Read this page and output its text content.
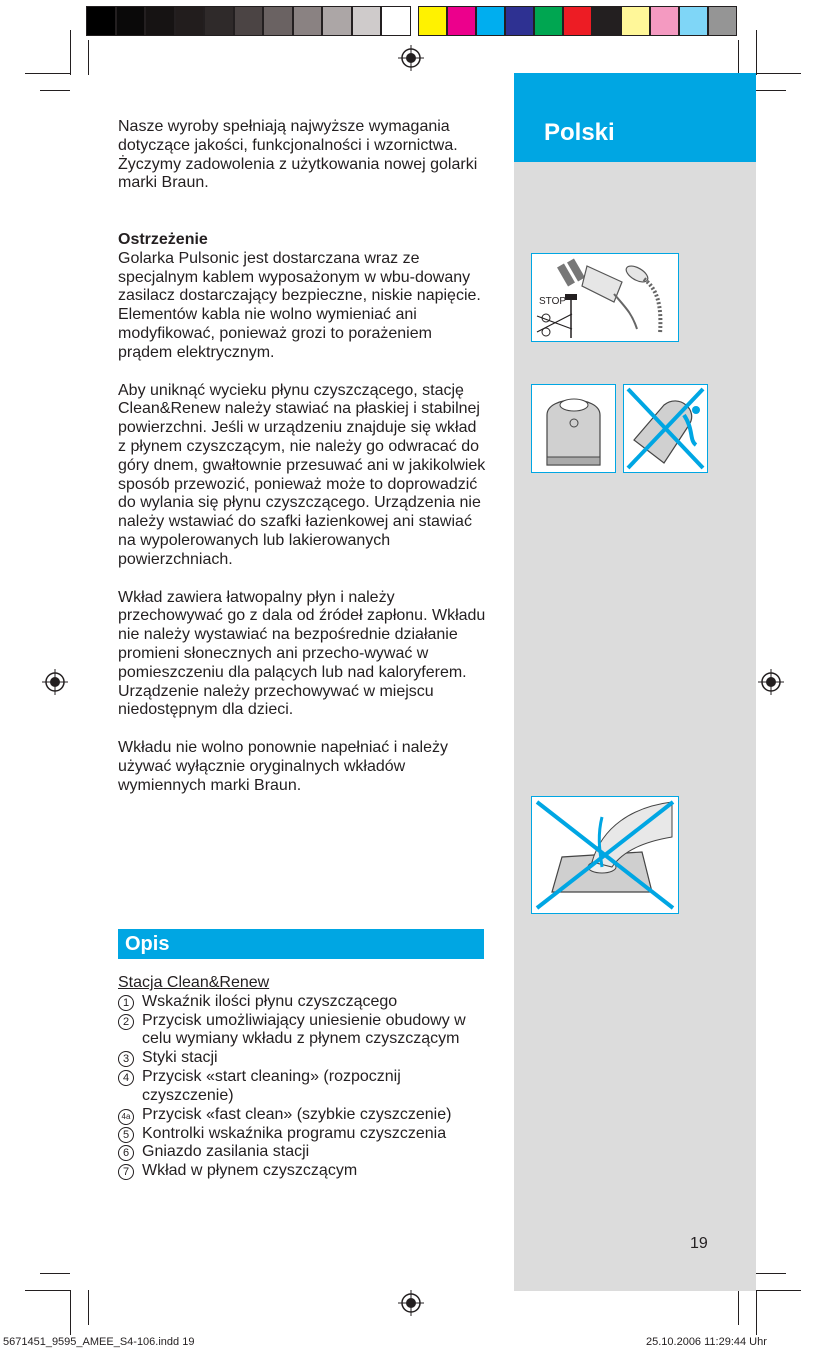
Polski
STOP
Nasze wyroby spełniają najwyższe wymagania dotyczące jakości, funkcjonalności i wzornictwa. Życzymy zadowolenia z użytkowania nowej golarki marki Braun.

Ostrzeżenie

Golarka Pulsonic jest dostarczana wraz ze specjalnym kablem wyposażonym w wbu-dowany zasilacz dostarczający bezpieczne, niskie napięcie. Elementów kabla nie wolno wymieniać ani modyfikować, ponieważ grozi to porażeniem prądem elektrycznym.

Aby uniknąć wycieku płynu czyszczącego, stację Clean&Renew należy stawiać na płaskiej i stabilnej powierzchni. Jeśli w urządzeniu znajduje się wkład z płynem czyszczącym, nie należy go odwracać do góry dnem, gwałtownie przesuwać ani w jakikolwiek sposób przewozić, ponieważ może to doprowadzić do wylania się płynu czyszczącego. Urządzenia nie należy wstawiać do szafki łazienkowej ani stawiać na wypolerowanych lub lakierowanych powierzchniach.

Wkład zawiera łatwopalny płyn i należy przechowywać go z dala od źródeł zapłonu. Wkładu nie należy wystawiać na bezpośrednie działanie promieni słonecznych ani przecho-wywać w pomieszczeniu dla palących lub nad kaloryferem.

Urządzenie należy przechowywać w miejscu niedostępnym dla dzieci.

Wkładu nie wolno ponownie napełniać i należy używać wyłącznie oryginalnych wkładów wymiennych marki Braun.

Opis
Stacja Clean&Renew
1 Wskaźnik ilości płynu czyszczącego
2 Przycisk umożliwiający uniesienie obudowy w celu wymiany wkładu z płynem czyszczącym
3 Styki stacji
4 Przycisk «start cleaning» (rozpocznij czyszczenie)
4a Przycisk «fast clean» (szybkie czyszczenie)
5 Kontrolki wskaźnika programu czyszczenia
6 Gniazdo zasilania stacji
7 Wkład w płynem czyszczącym
19
5671451_9595_AMEE_S4-106.indd 19	25.10.2006 11:29:44 Uhr
